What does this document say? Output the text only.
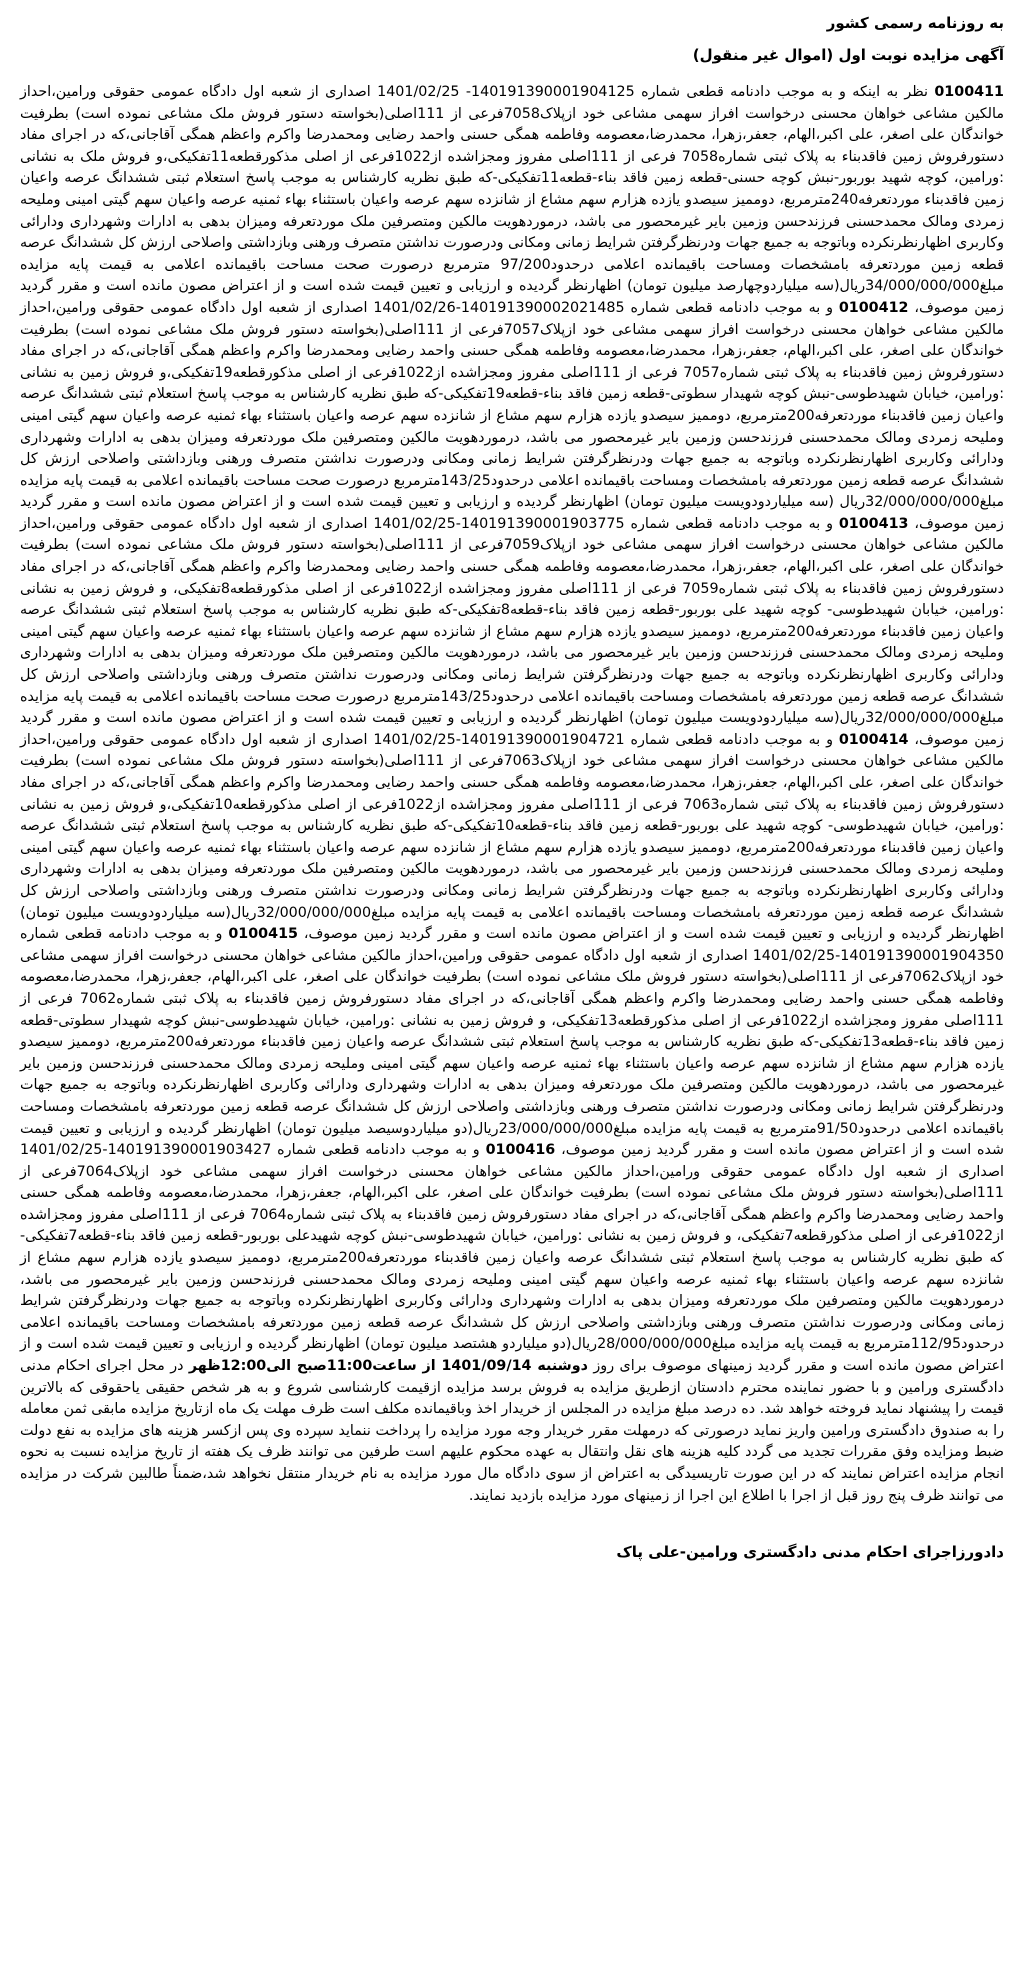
به روزنامه رسمی کشور
آگهی مزایده نوبت اول (اموال غیر منقول)
0100411 نظر به اینکه و به موجب دادنامه قطعی شماره 140191390001904125- 1401/02/25 اصداری از شعبه اول دادگاه عمومی حقوقی ورامین،احداز مالکین مشاعی خواهان محسنی درخواست افراز سهمی مشاعی خود ازپلاک7058فرعی از 111اصلی(بخواسته دستور فروش ملک مشاعی نموده است) بطرفیت خواندگان علی اصغر، علی اکبر،الهام، جعفر،زهرا، محمدرضا،معصومه وفاطمه همگی حسنی واحمد رضایی ومحمدرضا واکرم واعظم همگی آقاجانی،که در اجرای مفاد دستورفروش زمین فاقدبناء به پلاک ثبتی شماره7058 فرعی از 111اصلی مفروز ومجزاشده از1022فرعی از اصلی مذکورقطعه11تفکیکی،و فروش ملک به نشانی :ورامین، کوچه شهید بوربور-نبش کوچه حسنی-قطعه زمین فاقد بناء-قطعه11تفکیکی-که طبق نظریه کارشناس به موجب پاسخ استعلام ثبتی ششدانگ عرصه واعیان زمین فاقدبناء موردتعرفه240مترمربع، دوممیز سیصدو یازده هزارم سهم مشاع از شانزده سهم عرصه واعیان باستثناء بهاء ثمنیه عرصه واعیان سهم گیتی امینی وملیحه زمردی ومالک محمدحسنی فرزندحسن وزمین بایر غیرمحصور می باشد، درموردهویت مالکین ومتصرفین ملک موردتعرفه ومیزان بدهی به ادارات وشهرداری ودارائی وکاربری اظهارنظرنکرده وباتوجه به جمیع جهات ودرنظرگرفتن شرایط زمانی ومکانی ودرصورت نداشتن متصرف ورهنی وبازداشتی واصلاحی ارزش کل ششدانگ عرصه قطعه زمین موردتعرفه بامشخصات ومساحت باقیمانده اعلامی درحدود97/200 مترمربع درصورت صحت مساحت باقیمانده اعلامی به قیمت پایه مزایده مبلغ34/000/000/000ریال(سه میلیاردوچهارصد میلیون تومان) اظهارنظر گردیده و ارزیابی و تعیین قیمت شده است و از اعتراض مصون مانده است و مقرر گردید زمین موصوف، 0100412 و به موجب دادنامه قطعی شماره 140191390002021485-1401/02/26 اصداری از شعبه اول دادگاه عمومی حقوقی ورامین،احداز مالکین مشاعی خواهان محسنی درخواست افراز سهمی مشاعی خود ازپلاک7057فرعی از 111اصلی(بخواسته دستور فروش ملک مشاعی نموده است) بطرفیت خواندگان علی اصغر، علی اکبر،الهام، جعفر،زهرا، محمدرضا،معصومه وفاطمه همگی حسنی واحمد رضایی ومحمدرضا واکرم واعظم همگی آقاجانی،که در اجرای مفاد دستورفروش زمین فاقدبناء به پلاک ثبتی شماره7057 فرعی از 111اصلی مفروز ومجزاشده از1022فرعی از اصلی مذکورقطعه19تفکیکی،و فروش زمین به نشانی :ورامین، خیابان شهیدطوسی-نبش کوچه شهیدار سطوتی-قطعه زمین فاقد بناء-قطعه19تفکیکی-که طبق نظریه کارشناس به موجب پاسخ استعلام ثبتی ششدانگ عرصه واعیان زمین فاقدبناء موردتعرفه200مترمربع، دوممیز سیصدو یازده هزارم سهم مشاع از شانزده سهم عرصه واعیان باستثناء بهاء ثمنیه عرصه واعیان سهم گیتی امینی وملیحه زمردی ومالک محمدحسنی فرزندحسن وزمین بایر غیرمحصور می باشد، درموردهویت مالکین ومتصرفین ملک موردتعرفه ومیزان بدهی به ادارات وشهرداری ودارائی وکاربری اظهارنظرنکرده وباتوجه به جمیع جهات ودرنظرگرفتن شرایط زمانی ومکانی ودرصورت نداشتن متصرف ورهنی وبازداشتی واصلاحی ارزش کل ششدانگ عرصه قطعه زمین موردتعرفه بامشخصات ومساحت باقیمانده اعلامی درحدود143/25مترمربع درصورت صحت مساحت باقیمانده اعلامی به قیمت پایه مزایده مبلغ32/000/000/000ریال (سه میلیاردودویست میلیون تومان) اظهارنظر گردیده و ارزیابی و تعیین قیمت شده است و از اعتراض مصون مانده است و مقرر گردید زمین موصوف، 0100413 و به موجب دادنامه قطعی شماره 140191390001903775-1401/02/25 اصداری از شعبه اول دادگاه عمومی حقوقی ورامین،احداز مالکین مشاعی خواهان محسنی درخواست افراز سهمی مشاعی خود ازپلاک7059فرعی از 111اصلی(بخواسته دستور فروش ملک مشاعی نموده است) بطرفیت خواندگان علی اصغر، علی اکبر،الهام، جعفر،زهرا، محمدرضا،معصومه وفاطمه همگی حسنی واحمد رضایی ومحمدرضا واکرم واعظم همگی آقاجانی،که در اجرای مفاد دستورفروش زمین فاقدبناء به پلاک ثبتی شماره7059 فرعی از 111اصلی مفروز ومجزاشده از1022فرعی از اصلی مذکورقطعه8تفکیکی، و فروش زمین به نشانی :ورامین، خیابان شهیدطوسی- کوچه شهید علی بوربور-قطعه زمین فاقد بناء-قطعه8تفکیکی-که طبق نظریه کارشناس به موجب پاسخ استعلام ثبتی ششدانگ عرصه واعیان زمین فاقدبناء موردتعرفه200مترمربع، دوممیز سیصدو یازده هزارم سهم مشاع از شانزده سهم عرصه واعیان باستثناء بهاء ثمنیه عرصه واعیان سهم گیتی امینی وملیحه زمردی ومالک محمدحسنی فرزندحسن وزمین بایر غیرمحصور می باشد، درموردهویت مالکین ومتصرفین ملک موردتعرفه ومیزان بدهی به ادارات وشهرداری ودارائی وکاربری اظهارنظرنکرده وباتوجه به جمیع جهات ودرنظرگرفتن شرایط زمانی ومکانی ودرصورت نداشتن متصرف ورهنی وبازداشتی واصلاحی ارزش کل ششدانگ عرصه قطعه زمین موردتعرفه بامشخصات ومساحت باقیمانده اعلامی درحدود143/25مترمربع درصورت صحت مساحت باقیمانده اعلامی به قیمت پایه مزایده مبلغ32/000/000/000ریال(سه میلیاردودویست میلیون تومان) اظهارنظر گردیده و ارزیابی و تعیین قیمت شده است و از اعتراض مصون مانده است و مقرر گردید زمین موصوف، 0100414 و به موجب دادنامه قطعی شماره 140191390001904721-1401/02/25 اصداری از شعبه اول دادگاه عمومی حقوقی ورامین،احداز مالکین مشاعی خواهان محسنی درخواست افراز سهمی مشاعی خود ازپلاک7063فرعی از 111اصلی(بخواسته دستور فروش ملک مشاعی نموده است) بطرفیت خواندگان علی اصغر، علی اکبر،الهام، جعفر،زهرا، محمدرضا،معصومه وفاطمه همگی حسنی واحمد رضایی ومحمدرضا واکرم واعظم همگی آقاجانی،که در اجرای مفاد دستورفروش زمین فاقدبناء به پلاک ثبتی شماره7063 فرعی از 111اصلی مفروز ومجزاشده از1022فرعی از اصلی مذکورقطعه10تفکیکی،و فروش زمین به نشانی :ورامین، خیابان شهیدطوسی- کوچه شهید علی بوربور-قطعه زمین فاقد بناء-قطعه10تفکیکی-که طبق نظریه کارشناس به موجب پاسخ استعلام ثبتی ششدانگ عرصه واعیان زمین فاقدبناء موردتعرفه200مترمربع، دوممیز سیصدو یازده هزارم سهم مشاع از شانزده سهم عرصه واعیان باستثناء بهاء ثمنیه عرصه واعیان سهم گیتی امینی وملیحه زمردی ومالک محمدحسنی فرزندحسن وزمین بایر غیرمحصور می باشد، درموردهویت مالکین ومتصرفین ملک موردتعرفه ومیزان بدهی به ادارات وشهرداری ودارائی وکاربری اظهارنظرنکرده وباتوجه به جمیع جهات ودرنظرگرفتن شرایط زمانی ومکانی ودرصورت نداشتن متصرف ورهنی وبازداشتی واصلاحی ارزش کل ششدانگ عرصه قطعه زمین موردتعرفه بامشخصات ومساحت باقیمانده اعلامی به قیمت پایه مزایده مبلغ32/000/000/000ریال(سه میلیاردودویست میلیون تومان) اظهارنظر گردیده و ارزیابی و تعیین قیمت شده است و از اعتراض مصون مانده است و مقرر گردید زمین موصوف، 0100415 و به موجب دادنامه قطعی شماره 140191390001904350-1401/02/25 اصداری از شعبه اول دادگاه عمومی حقوقی ورامین،احداز مالکین مشاعی خواهان محسنی درخواست افراز سهمی مشاعی خود ازپلاک7062فرعی از 111اصلی(بخواسته دستور فروش ملک مشاعی نموده است) بطرفیت خواندگان علی اصغر، علی اکبر،الهام، جعفر،زهرا، محمدرضا،معصومه وفاطمه همگی حسنی واحمد رضایی ومحمدرضا واکرم واعظم همگی آقاجانی،که در اجرای مفاد دستورفروش زمین فاقدبناء به پلاک ثبتی شماره7062 فرعی از 111اصلی مفروز ومجزاشده از1022فرعی از اصلی مذکورقطعه13تفکیکی، و فروش زمین به نشانی :ورامین، خیابان شهیدطوسی-نبش کوچه شهیدار سطوتی-قطعه زمین فاقد بناء-قطعه13تفکیکی-که طبق نظریه کارشناس به موجب پاسخ استعلام ثبتی ششدانگ عرصه واعیان زمین فاقدبناء موردتعرفه200مترمربع، دوممیز سیصدو یازده هزارم سهم مشاع از شانزده سهم عرصه واعیان باستثناء بهاء ثمنیه عرصه واعیان سهم گیتی امینی وملیحه زمردی ومالک محمدحسنی فرزندحسن وزمین بایر غیرمحصور می باشد، درموردهویت مالکین ومتصرفین ملک موردتعرفه ومیزان بدهی به ادارات وشهرداری ودارائی وکاربری اظهارنظرنکرده وباتوجه به جمیع جهات ودرنظرگرفتن شرایط زمانی ومکانی ودرصورت نداشتن متصرف ورهنی وبازداشتی واصلاحی ارزش کل ششدانگ عرصه قطعه زمین موردتعرفه بامشخصات ومساحت باقیمانده اعلامی درحدود91/50مترمربع به قیمت پایه مزایده مبلغ23/000/000/000ریال(دو میلیاردوسیصد میلیون تومان) اظهارنظر گردیده و ارزیابی و تعیین قیمت شده است و از اعتراض مصون مانده است و مقرر گردید زمین موصوف، 0100416 و به موجب دادنامه قطعی شماره 140191390001903427-1401/02/25 اصداری از شعبه اول دادگاه عمومی حقوقی ورامین،احداز مالکین مشاعی خواهان محسنی درخواست افراز سهمی مشاعی خود ازپلاک7064فرعی از 111اصلی(بخواسته دستور فروش ملک مشاعی نموده است) بطرفیت خواندگان علی اصغر، علی اکبر،الهام، جعفر،زهرا، محمدرضا،معصومه وفاطمه همگی حسنی واحمد رضایی ومحمدرضا واکرم واعظم همگی آقاجانی،که در اجرای مفاد دستورفروش زمین فاقدبناء به پلاک ثبتی شماره7064 فرعی از 111اصلی مفروز ومجزاشده از1022فرعی از اصلی مذکورقطعه7تفکیکی، و فروش زمین به نشانی :ورامین، خیابان شهیدطوسی-نبش کوچه شهیدعلی بوربور-قطعه زمین فاقد بناء-قطعه7تفکیکی-که طبق نظریه کارشناس به موجب پاسخ استعلام ثبتی ششدانگ عرصه واعیان زمین فاقدبناء موردتعرفه200مترمربع، دوممیز سیصدو یازده هزارم سهم مشاع از شانزده سهم عرصه واعیان باستثناء بهاء ثمنیه عرصه واعیان سهم گیتی امینی وملیحه زمردی ومالک محمدحسنی فرزندحسن وزمین بایر غیرمحصور می باشد، درموردهویت مالکین ومتصرفین ملک موردتعرفه ومیزان بدهی به ادارات وشهرداری ودارائی وکاربری اظهارنظرنکرده وباتوجه به جمیع جهات ودرنظرگرفتن شرایط زمانی ومکانی ودرصورت نداشتن متصرف ورهنی وبازداشتی واصلاحی ارزش کل ششدانگ عرصه قطعه زمین موردتعرفه بامشخصات ومساحت باقیمانده اعلامی درحدود112/95مترمربع به قیمت پایه مزایده مبلغ28/000/000/000ریال(دو میلیاردو هشتصد میلیون تومان) اظهارنظر گردیده و ارزیابی و تعیین قیمت شده است و از اعتراض مصون مانده است و مقرر گردید زمینهای موصوف برای روز دوشنبه 1401/09/14 از ساعت11:00صبح الی12:00ظهر در محل اجرای احکام مدنی دادگستری ورامین و با حضور نماینده محترم دادستان ازطریق مزایده به فروش برسد مزایده ازقیمت کارشناسی شروع و به هر شخص حقیقی یاحقوقی که بالاترین قیمت را پیشنهاد نماید فروخته خواهد شد. ده درصد مبلغ مزایده در المجلس از خریدار اخذ وباقیمانده مکلف است ظرف مهلت یک ماه ازتاریخ مزایده مابقی ثمن معامله را به صندوق دادگستری ورامین واریز نماید درصورتی که درمهلت مقرر خریدار وجه مورد مزایده را پرداخت ننماید سپرده وی پس ازکسر هزینه های مزایده به نفع دولت ضبط ومزایده وفق مقررات تجدید می گردد کلیه هزینه های نقل وانتقال به عهده محکوم علیهم است طرفین می توانند ظرف یک هفته از تاریخ مزایده نسبت به نحوه انجام مزایده اعتراض نمایند که در این صورت تاریسیدگی به اعتراض از سوی دادگاه مال مورد مزایده به نام خریدار منتقل نخواهد شد،ضمناً طالبین شرکت در مزایده می توانند ظرف پنج روز قبل از اجرا با اطلاع این اجرا از زمینهای مورد مزایده بازدید نمایند.
دادورزاجرای احکام مدنی دادگستری ورامین-علی پاک
